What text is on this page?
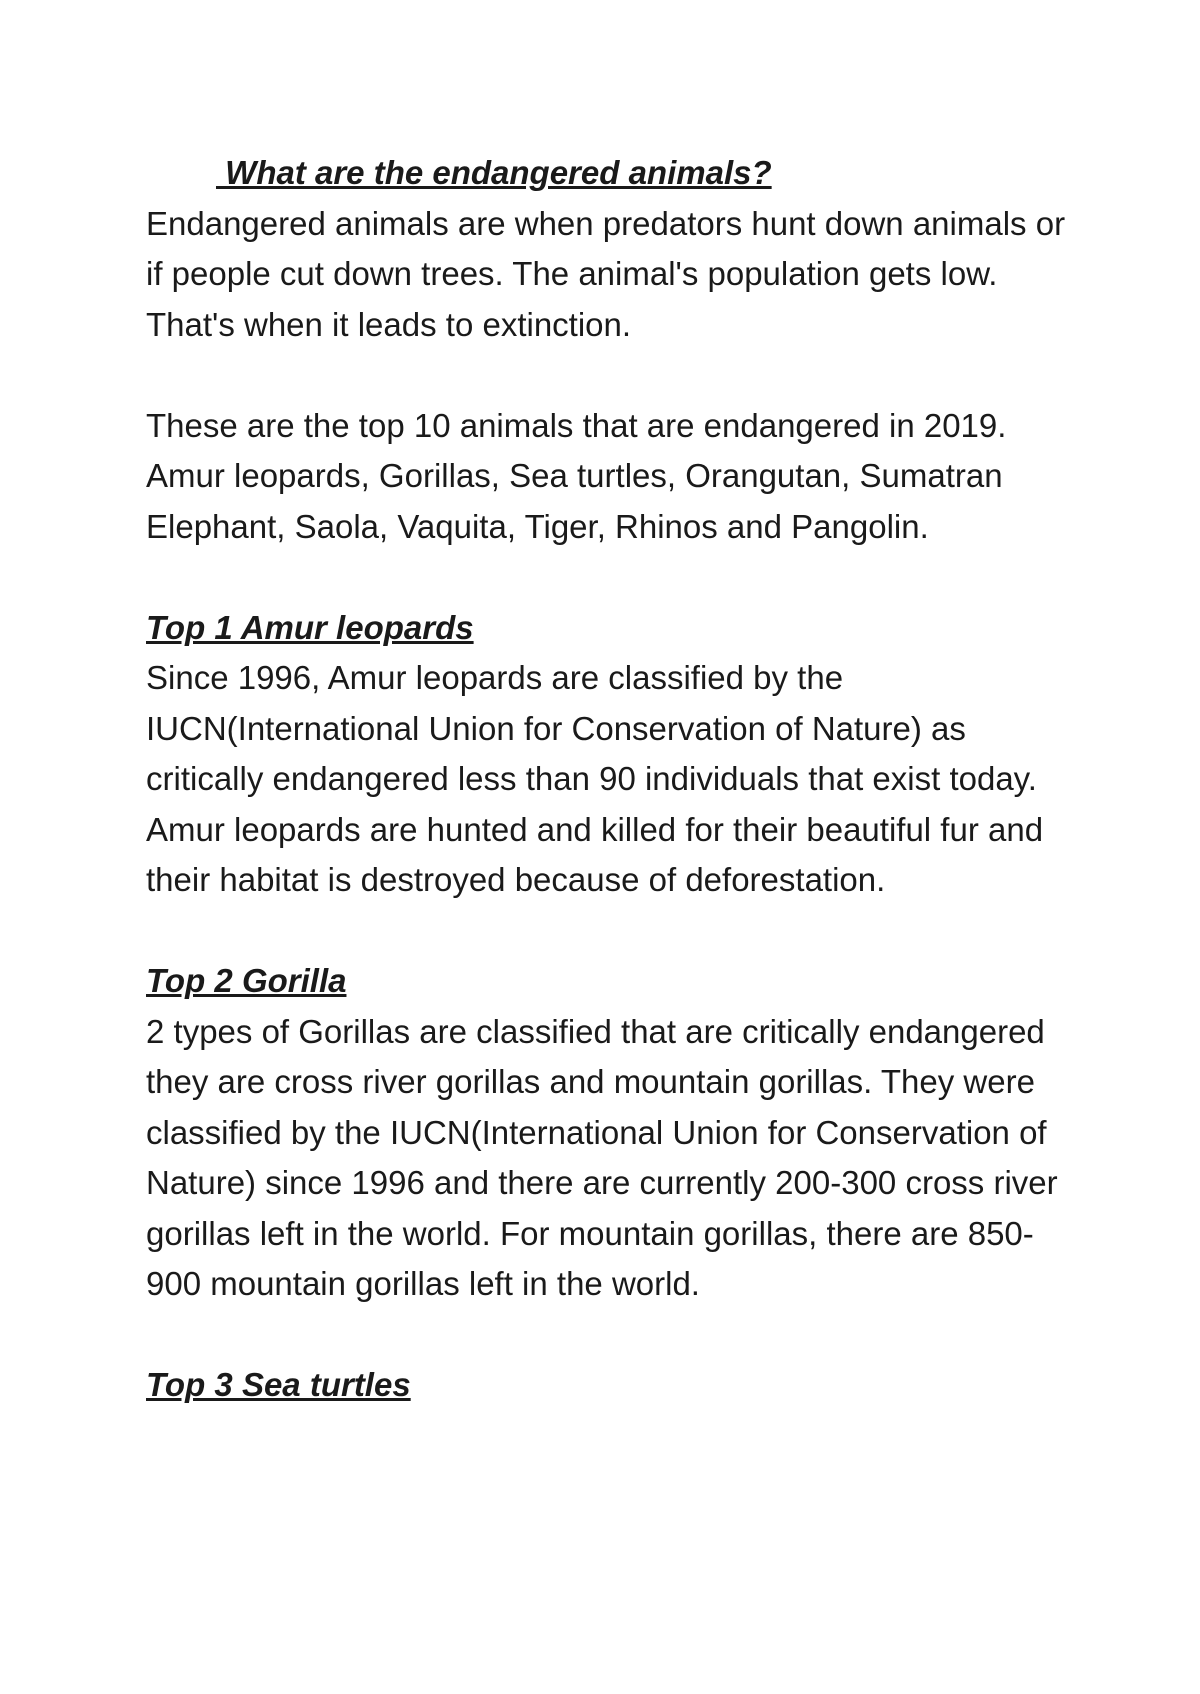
What are the endangered animals?

Endangered animals are when predators hunt down animals or if people cut down trees. The animal's population gets low. That's when it leads to extinction.

These are the top 10 animals that are endangered in 2019. Amur leopards, Gorillas, Sea turtles, Orangutan, Sumatran Elephant, Saola, Vaquita, Tiger, Rhinos and Pangolin.

Top 1 Amur leopards

Since 1996, Amur leopards are classified by the IUCN(International Union for Conservation of Nature) as critically endangered less than 90 individuals that exist today. Amur leopards are hunted and killed for their beautiful fur and their habitat is destroyed because of deforestation.

Top 2 Gorilla

2 types of Gorillas are classified that are critically endangered they are cross river gorillas and mountain gorillas. They were classified by the IUCN(International Union for Conservation of Nature) since 1996 and there are currently 200-300 cross river gorillas left in the world. For mountain gorillas, there are 850-900 mountain gorillas left in the world.

Top 3 Sea turtles
